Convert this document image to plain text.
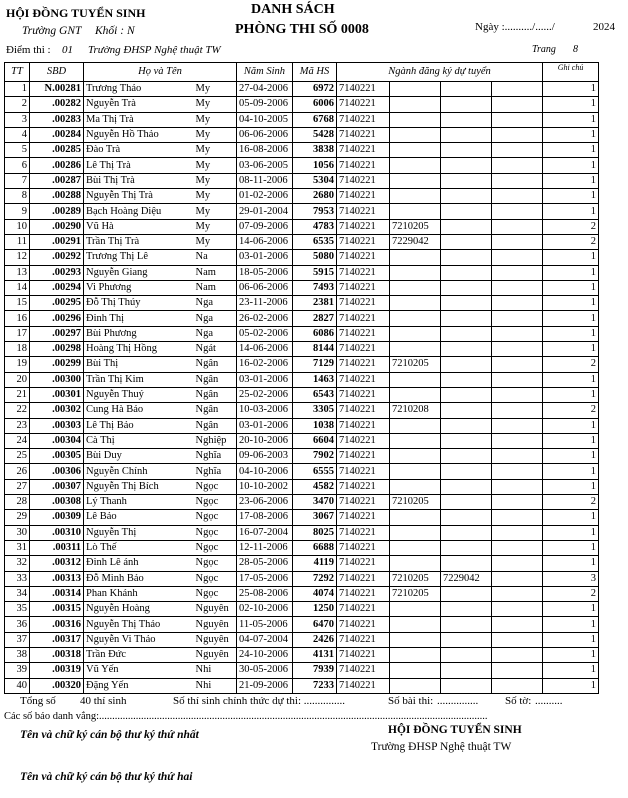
HỘI ĐỒNG TUYỂN SINH
Trường GNT Khối : N
Điểm thi : 01 Trường ĐHSP Nghệ thuật TW
DANH SÁCH
PHÒNG THI SỐ 0008	Ngày :........../....../	2024
Trang 8
TT	SBD	Họ và Tên		Năm Sinh	Mã HS	Ngành đăng ký dự tuyển				Ghi chú
1	N.00281	Trương Thảo	My	27-04-2006	6972	7140221				1
2	.00282	Nguyễn Trà	My	05-09-2006	6006	7140221				1
3	.00283	Ma Thị Trà	My	04-10-2005	6768	7140221				1
4	.00284	Nguyễn Hồ Thảo	My	06-06-2006	5428	7140221				1
5	.00285	Đào Trà	My	16-08-2006	3838	7140221				1
6	.00286	Lê Thị Trà	My	03-06-2005	1056	7140221				1
7	.00287	Bùi Thị Trà	My	08-11-2006	5304	7140221				1
8	.00288	Nguyễn Thị Trà	My	01-02-2006	2680	7140221				1
9	.00289	Bạch Hoàng Diệu	My	29-01-2004	7953	7140221				1
10	.00290	Vũ Hà	My	07-09-2006	4783	7140221	7210205			2
11	.00291	Trần Thị Trà	My	14-06-2006	6535	7140221	7229042			2
12	.00292	Trương Thị Lê	Na	03-01-2006	5080	7140221				1
13	.00293	Nguyễn Giang	Nam	18-05-2006	5915	7140221				1
14	.00294	Vi Phương	Nam	06-06-2006	7493	7140221				1
15	.00295	Đỗ Thị Thúy	Nga	23-11-2006	2381	7140221				1
16	.00296	Đinh Thị	Nga	26-02-2006	2827	7140221				1
17	.00297	Bùi Phương	Nga	05-02-2006	6086	7140221				1
18	.00298	Hoàng Thị Hồng	Ngát	14-06-2006	8144	7140221				1
19	.00299	Bùi Thị	Ngân	16-02-2006	7129	7140221	7210205			2
20	.00300	Trần Thị Kim	Ngân	03-01-2006	1463	7140221				1
21	.00301	Nguyễn Thuý	Ngân	25-02-2006	6543	7140221				1
22	.00302	Cung Hà Bảo	Ngân	10-03-2006	3305	7140221	7210208			2
23	.00303	Lê Thị Bảo	Ngân	03-01-2006	1038	7140221				1
24	.00304	Cà Thị	Nghiệp	20-10-2006	6604	7140221				1
25	.00305	Bùi Duy	Nghĩa	09-06-2003	7902	7140221				1
26	.00306	Nguyễn Chính	Nghĩa	04-10-2006	6555	7140221				1
27	.00307	Nguyễn Thị Bích	Ngọc	10-10-2002	4582	7140221				1
28	.00308	Lý Thanh	Ngọc	23-06-2006	3470	7140221	7210205			2
29	.00309	Lê Bảo	Ngọc	17-08-2006	3067	7140221				1
30	.00310	Nguyễn Thị	Ngọc	16-07-2004	8025	7140221				1
31	.00311	Lò Thế	Ngọc	12-11-2006	6688	7140221				1
32	.00312	Đinh Lê ánh	Ngọc	28-05-2006	4119	7140221				1
33	.00313	Đỗ Minh Bảo	Ngọc	17-05-2006	7292	7140221	7210205	7229042		3
34	.00314	Phan Khánh	Ngọc	25-08-2006	4074	7140221	7210205			2
35	.00315	Nguyễn Hoàng	Nguyên	02-10-2006	1250	7140221				1
36	.00316	Nguyễn Thị Thảo	Nguyên	11-05-2006	6470	7140221				1
37	.00317	Nguyễn Vi Thảo	Nguyên	04-07-2004	2426	7140221				1
38	.00318	Trần Đức	Nguyên	24-10-2006	4131	7140221				1
39	.00319	Vũ Yến	Nhi	30-05-2006	7939	7140221				1
40	.00320	Đặng Yến	Nhi	21-09-2006	7233	7140221				1
Tổng số 40 thí sinh	Số thí sinh chính thức dự thi: ...............	Số bài thi: ............... Số tờ: ..........
Các số báo danh vắng:....................................................................................................................................................
Tên và chữ ký cán bộ thư ký thứ nhất	HỘI ĐỒNG TUYỂN SINH
Trường ĐHSP Nghệ thuật TW
Tên và chữ ký cán bộ thư ký thứ hai
